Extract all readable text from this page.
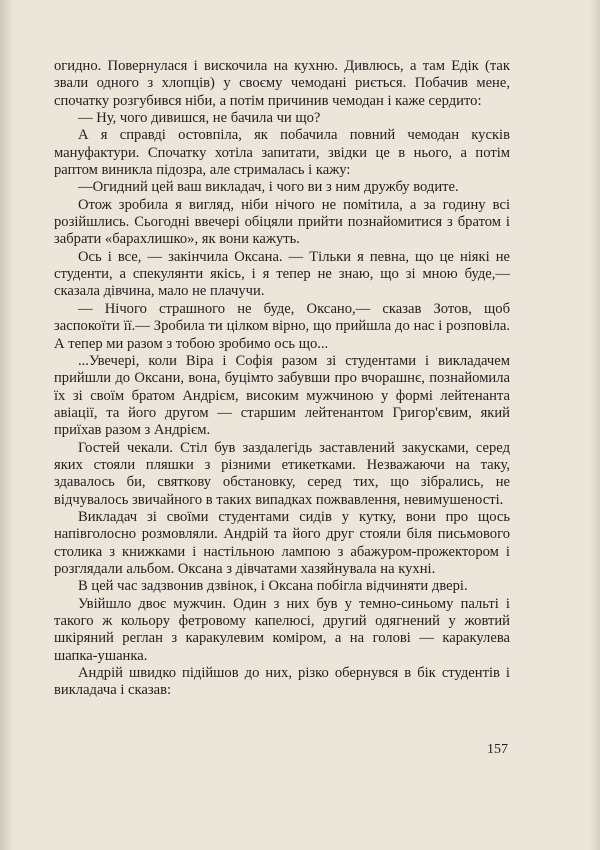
огидно. Повернулася і вискочила на кухню. Дивлюсь, а там Едік (так звали одного з хлопців) у своєму чемодані риється. Побачив мене, спочатку розгубився ніби, а потім причинив чемодан і каже сердито:

— Ну, чого дивишся, не бачила чи що?

А я справді остовпіла, як побачила повний чемодан кусків мануфактури. Спочатку хотіла запитати, звідки це в нього, а потім раптом виникла підозра, але стрималась і кажу:

—Огидний цей ваш викладач, і чого ви з ним дружбу водите.

Отож зробила я вигляд, ніби нічого не помітила, а за годину всі розійшлись. Сьогодні ввечері обіцяли прийти познайомитися з братом і забрати «барахлишко», як вони кажуть.

Ось і все, — закінчила Оксана. — Тільки я певна, що це ніякі не студенти, а спекулянти якісь, і я тепер не знаю, що зі мною буде,— сказала дівчина, мало не плачучи.

— Нічого страшного не буде, Оксано,— сказав Зотов, щоб заспокоїти її.— Зробила ти цілком вірно, що прийшла до нас і розповіла. А тепер ми разом з тобою зробимо ось що...

...Увечері, коли Віра і Софія разом зі студентами і викладачем прийшли до Оксани, вона, буцімто забувши про вчорашнє, познайомила їх зі своїм братом Андрієм, високим мужчиною у формі лейтенанта авіації, та його другом — старшим лейтенантом Григор'євим, який приїхав разом з Андрієм.

Гостей чекали. Стіл був заздалегідь заставлений закусками, серед яких стояли пляшки з різними етикетками. Незважаючи на таку, здавалось би, святкову обстановку, серед тих, що зібрались, не відчувалось звичайного в таких випадках пожвавлення, невимушеності.

Викладач зі своїми студентами сидів у кутку, вони про щось напівголосно розмовляли. Андрій та його друг стояли біля письмового столика з книжками і настільною лампою з абажуром-прожектором і розглядали альбом. Оксана з дівчатами хазяйнувала на кухні.

В цей час задзвонив дзвінок, і Оксана побігла відчиняти двері.

Увійшло двоє мужчин. Один з них був у темно-синьому пальті і такого ж кольору фетровому капелюсі, другий одягнений у жовтий шкіряний реглан з каракулевим коміром, а на голові — каракулева шапка-ушанка.

Андрій швидко підійшов до них, різко обернувся в бік студентів і викладача і сказав:

157
